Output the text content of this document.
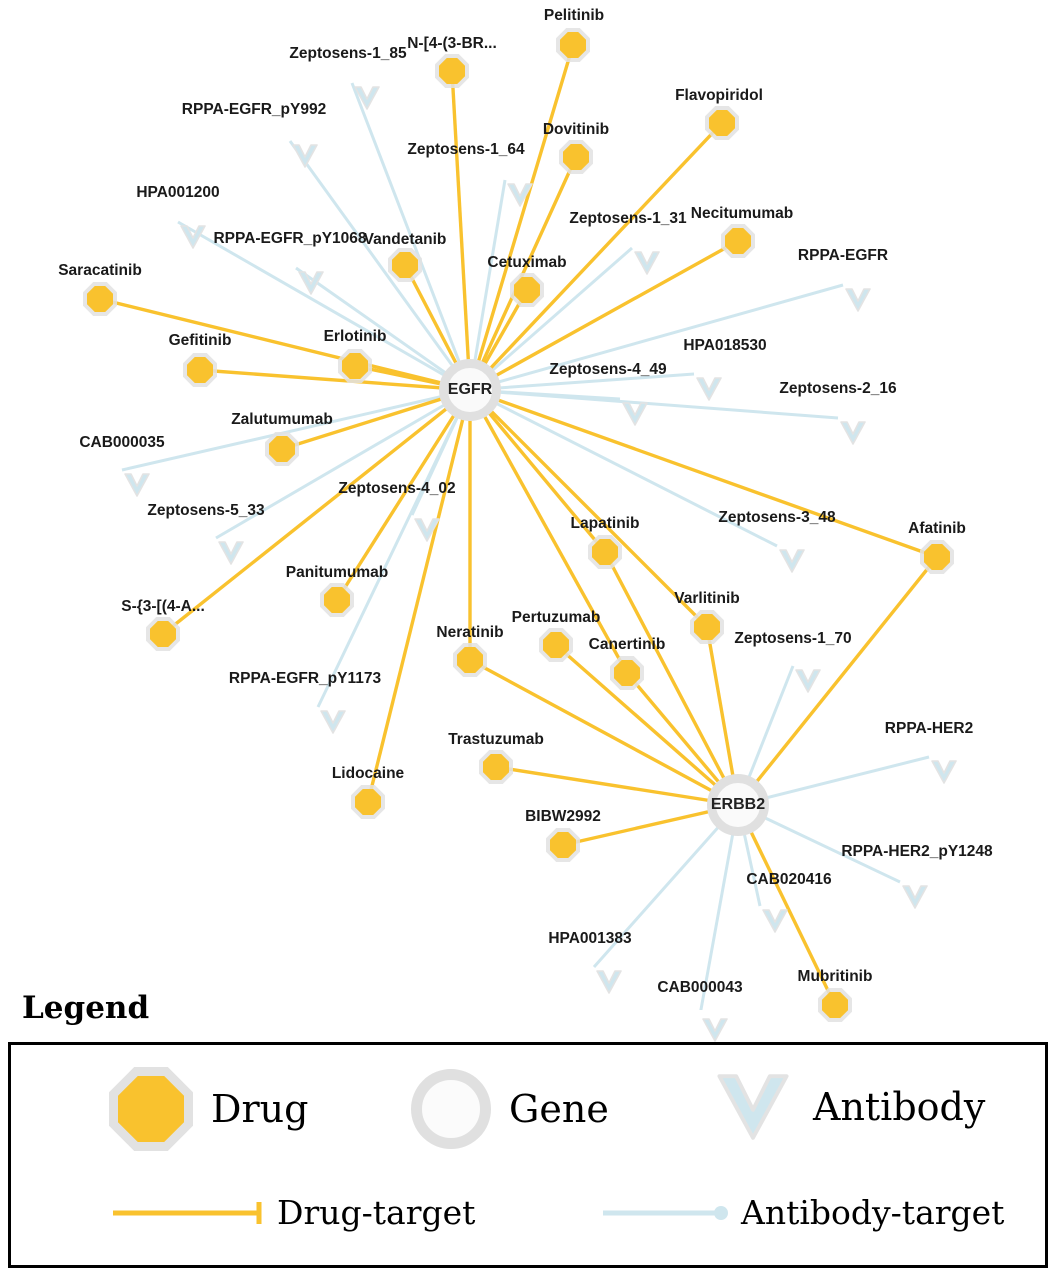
Zeptosens-1_85
RPPA-EGFR_pY992
Zeptosens-1_64
HPA001200
Zeptosens-1_31
RPPA-EGFR_pY1068
RPPA-EGFR
HPA018530
Zeptosens-4_49
Zeptosens-2_16
CAB000035
Zeptosens-4_02
Zeptosens-5_33	Zeptosens-3_48
RPPA-EGFR_pY1173
Zeptosens-1_70
RPPA-HER2
RPPA-HER2_pY1248
CAB020416
HPA001383
CAB000043
Pelitinib
N-[4-(3-BR...
Flavopiridol
Dovitinib
Necitumumab
Vandetanib
Cetuximab
Saracatinib
Gefitinib	Erlotinib
Zalutumumab
Panitumumab
S-{3-[(4-A...
Lidocaine
Lapatinib	Afatinib
Varlitinib
Pertuzumab
Neratinib
Canertinib
Trastuzumab
BIBW2992
Mubritinib
EGFR
ERBB2
Legend
Drug	Gene	Antibody
Drug-target	Antibody-target
